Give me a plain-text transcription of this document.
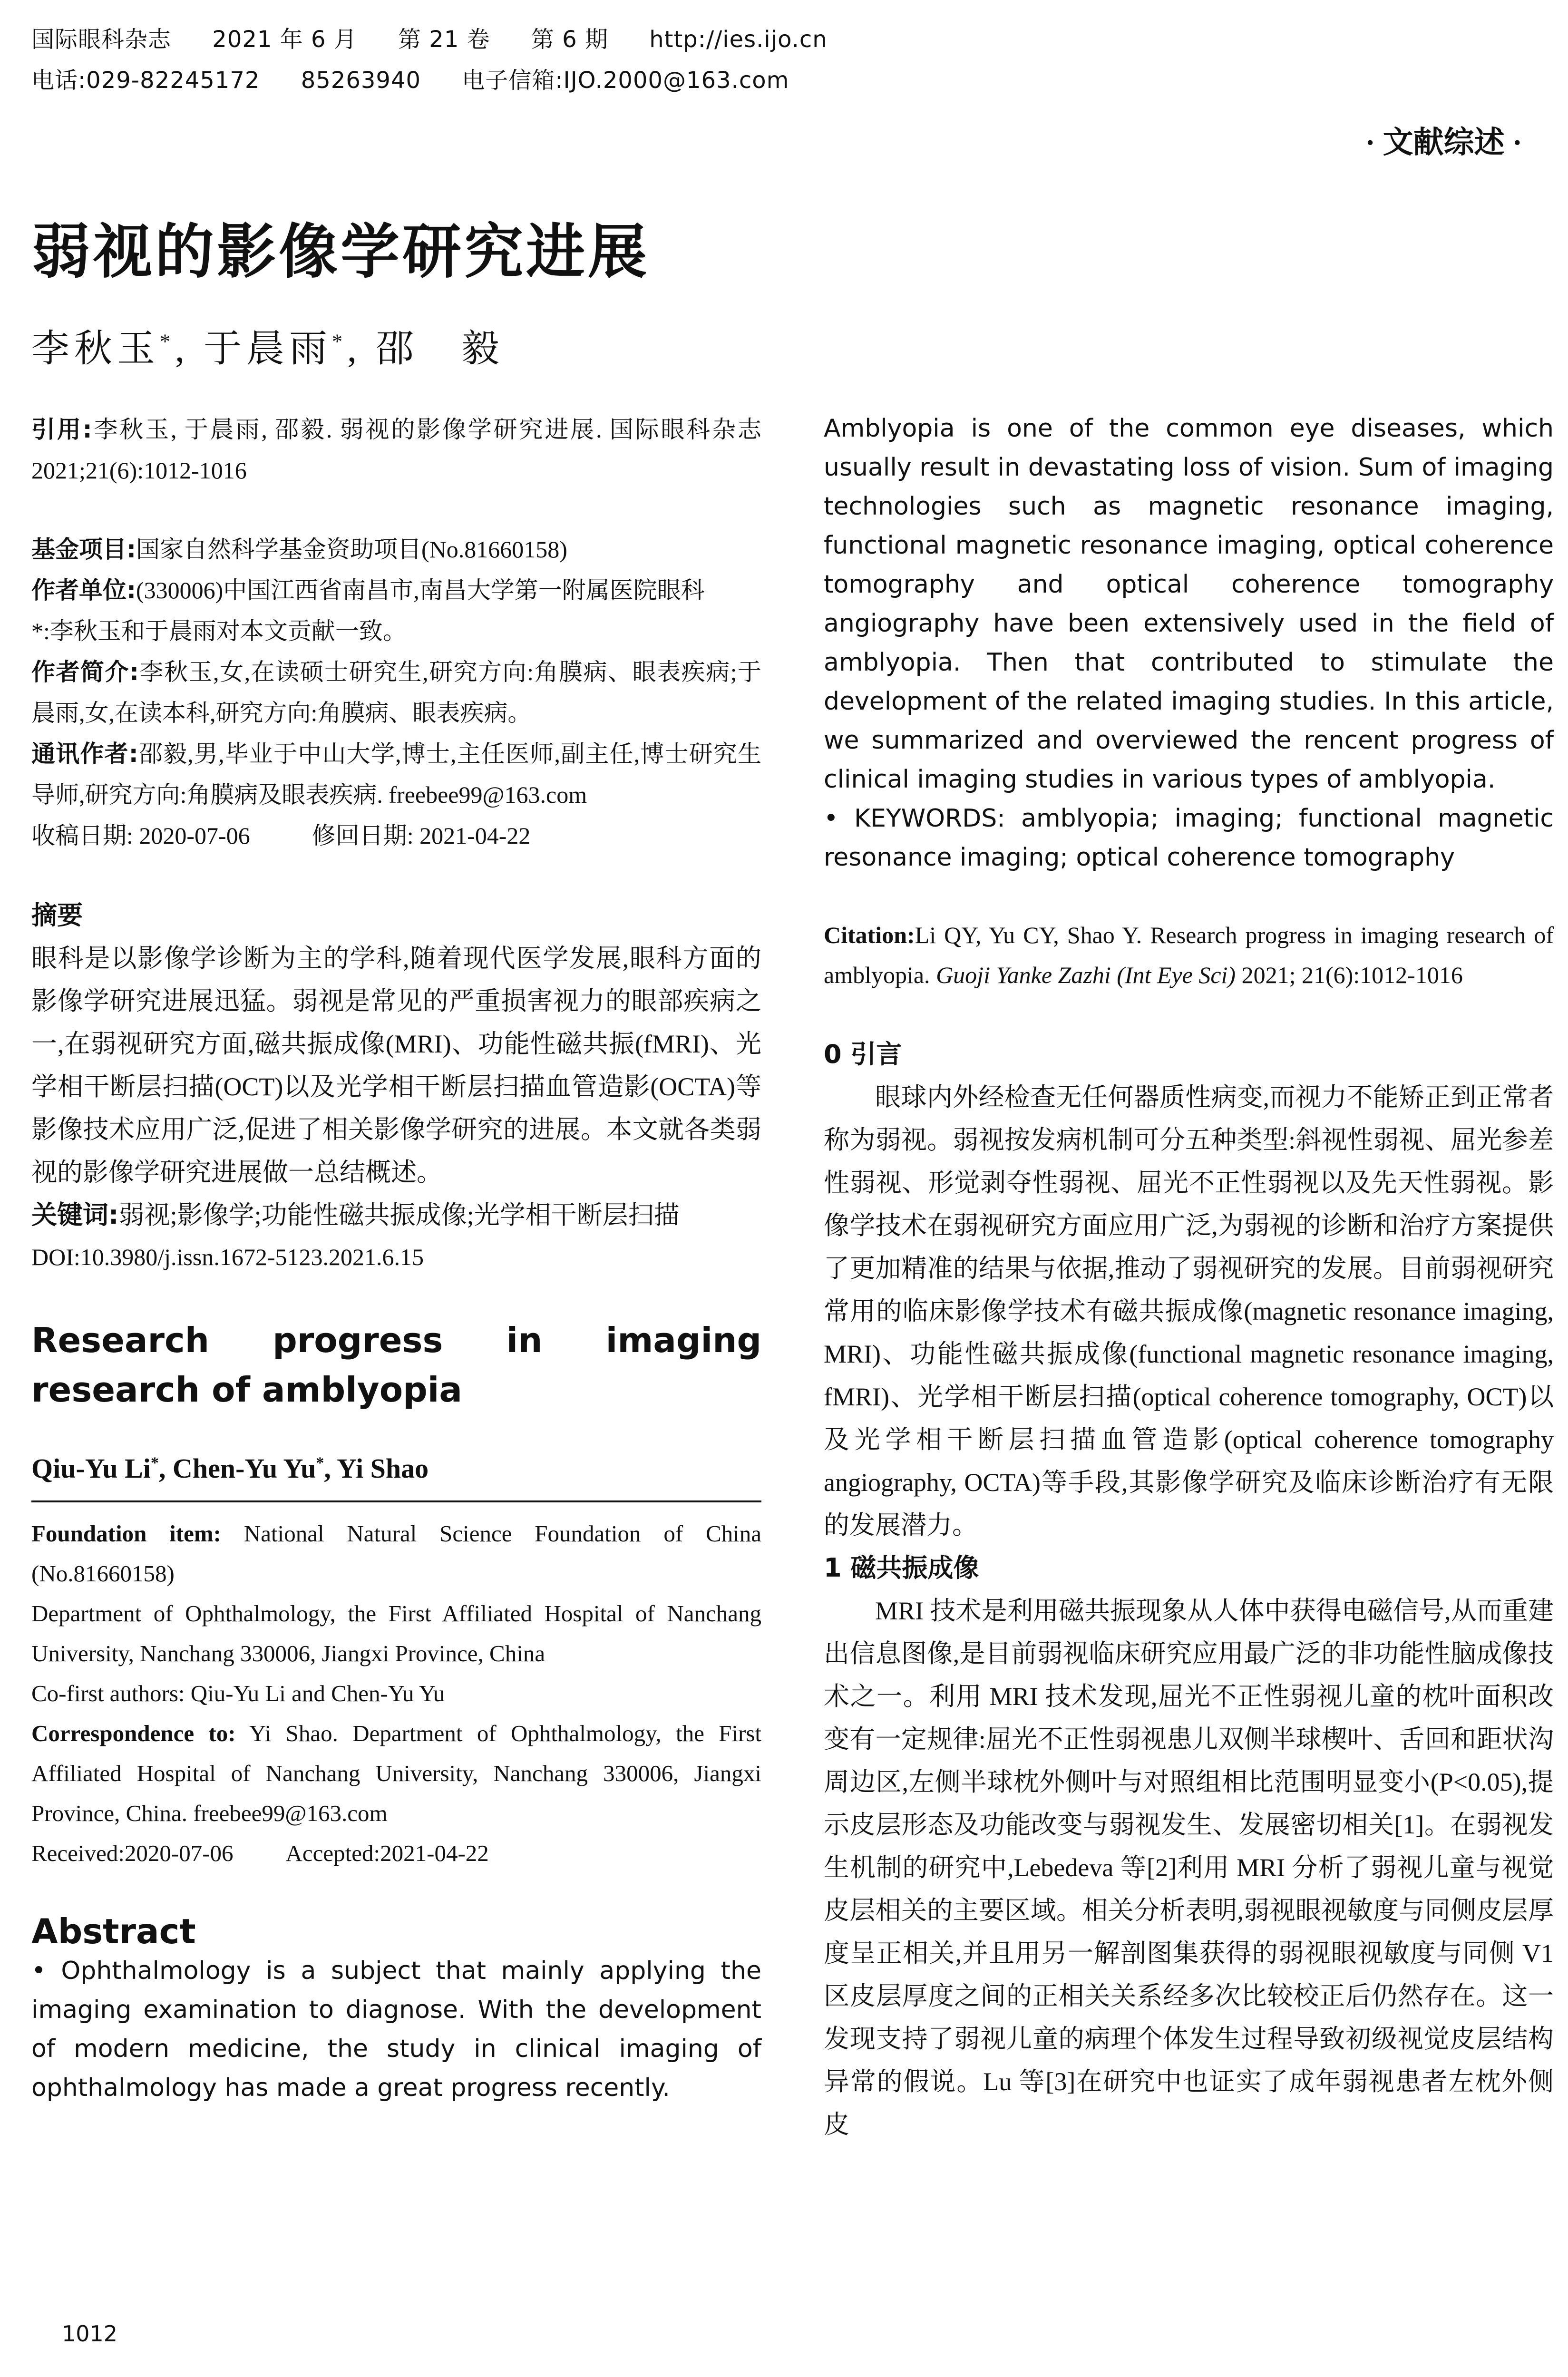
国际眼科杂志 2021 年 6 月 第 21 卷 第 6 期 http://ies.ijo.cn
电话:029-82245172 85263940 电子信箱:IJO.2000@163.com
· 文献综述 ·
弱视的影像学研究进展
李秋玉*, 于晨雨*, 邵　毅

引用:李秋玉, 于晨雨, 邵毅. 弱视的影像学研究进展. 国际眼科杂志 2021;21(6):1012-1016

基金项目:国家自然科学基金资助项目(No.81660158)

作者单位:(330006)中国江西省南昌市,南昌大学第一附属医院眼科

*:李秋玉和于晨雨对本文贡献一致。

作者简介:李秋玉,女,在读硕士研究生,研究方向:角膜病、眼表疾病;于晨雨,女,在读本科,研究方向:角膜病、眼表疾病。

通讯作者:邵毅,男,毕业于中山大学,博士,主任医师,副主任,博士研究生导师,研究方向:角膜病及眼表疾病. freebee99@163.com

收稿日期: 2020-07-06	修回日期: 2021-04-22

摘要

眼科是以影像学诊断为主的学科,随着现代医学发展,眼科方面的影像学研究进展迅猛。弱视是常见的严重损害视力的眼部疾病之一,在弱视研究方面,磁共振成像(MRI)、功能性磁共振(fMRI)、光学相干断层扫描(OCT)以及光学相干断层扫描血管造影(OCTA)等影像技术应用广泛,促进了相关影像学研究的进展。本文就各类弱视的影像学研究进展做一总结概述。

关键词:弱视;影像学;功能性磁共振成像;光学相干断层扫描

DOI:10.3980/j.issn.1672-5123.2021.6.15

Research progress in imaging research of amblyopia

Qiu-Yu Li*, Chen-Yu Yu*, Yi Shao

Foundation item: National Natural Science Foundation of China (No.81660158)

Department of Ophthalmology, the First Affiliated Hospital of Nanchang University, Nanchang 330006, Jiangxi Province, China

Co-first authors: Qiu-Yu Li and Chen-Yu Yu

Correspondence to: Yi Shao. Department of Ophthalmology, the First Affiliated Hospital of Nanchang University, Nanchang 330006, Jiangxi Province, China. freebee99@163.com

Received:2020-07-06 Accepted:2021-04-22

Abstract

• Ophthalmology is a subject that mainly applying the imaging examination to diagnose. With the development of modern medicine, the study in clinical imaging of ophthalmology has made a great progress recently.

Amblyopia is one of the common eye diseases, which usually result in devastating loss of vision. Sum of imaging technologies such as magnetic resonance imaging, functional magnetic resonance imaging, optical coherence tomography and optical coherence tomography angiography have been extensively used in the field of amblyopia. Then that contributed to stimulate the development of the related imaging studies. In this article, we summarized and overviewed the rencent progress of clinical imaging studies in various types of amblyopia.

• KEYWORDS: amblyopia; imaging; functional magnetic resonance imaging; optical coherence tomography

Citation:Li QY, Yu CY, Shao Y. Research progress in imaging research of amblyopia. Guoji Yanke Zazhi (Int Eye Sci) 2021; 21(6):1012-1016

0 引言

眼球内外经检查无任何器质性病变,而视力不能矫正到正常者称为弱视。弱视按发病机制可分五种类型:斜视性弱视、屈光参差性弱视、形觉剥夺性弱视、屈光不正性弱视以及先天性弱视。影像学技术在弱视研究方面应用广泛,为弱视的诊断和治疗方案提供了更加精准的结果与依据,推动了弱视研究的发展。目前弱视研究常用的临床影像学技术有磁共振成像(magnetic resonance imaging, MRI)、功能性磁共振成像(functional magnetic resonance imaging, fMRI)、光学相干断层扫描(optical coherence tomography, OCT)以及光学相干断层扫描血管造影(optical coherence tomography angiography, OCTA)等手段,其影像学研究及临床诊断治疗有无限的发展潜力。

1 磁共振成像

MRI 技术是利用磁共振现象从人体中获得电磁信号,从而重建出信息图像,是目前弱视临床研究应用最广泛的非功能性脑成像技术之一。利用 MRI 技术发现,屈光不正性弱视儿童的枕叶面积改变有一定规律:屈光不正性弱视患儿双侧半球楔叶、舌回和距状沟周边区,左侧半球枕外侧叶与对照组相比范围明显变小(P<0.05),提示皮层形态及功能改变与弱视发生、发展密切相关[1]。在弱视发生机制的研究中,Lebedeva 等[2]利用 MRI 分析了弱视儿童与视觉皮层相关的主要区域。相关分析表明,弱视眼视敏度与同侧皮层厚度呈正相关,并且用另一解剖图集获得的弱视眼视敏度与同侧 V1 区皮层厚度之间的正相关关系经多次比较校正后仍然存在。这一发现支持了弱视儿童的病理个体发生过程导致初级视觉皮层结构异常的假说。Lu 等[3]在研究中也证实了成年弱视患者左枕外侧皮

1012
